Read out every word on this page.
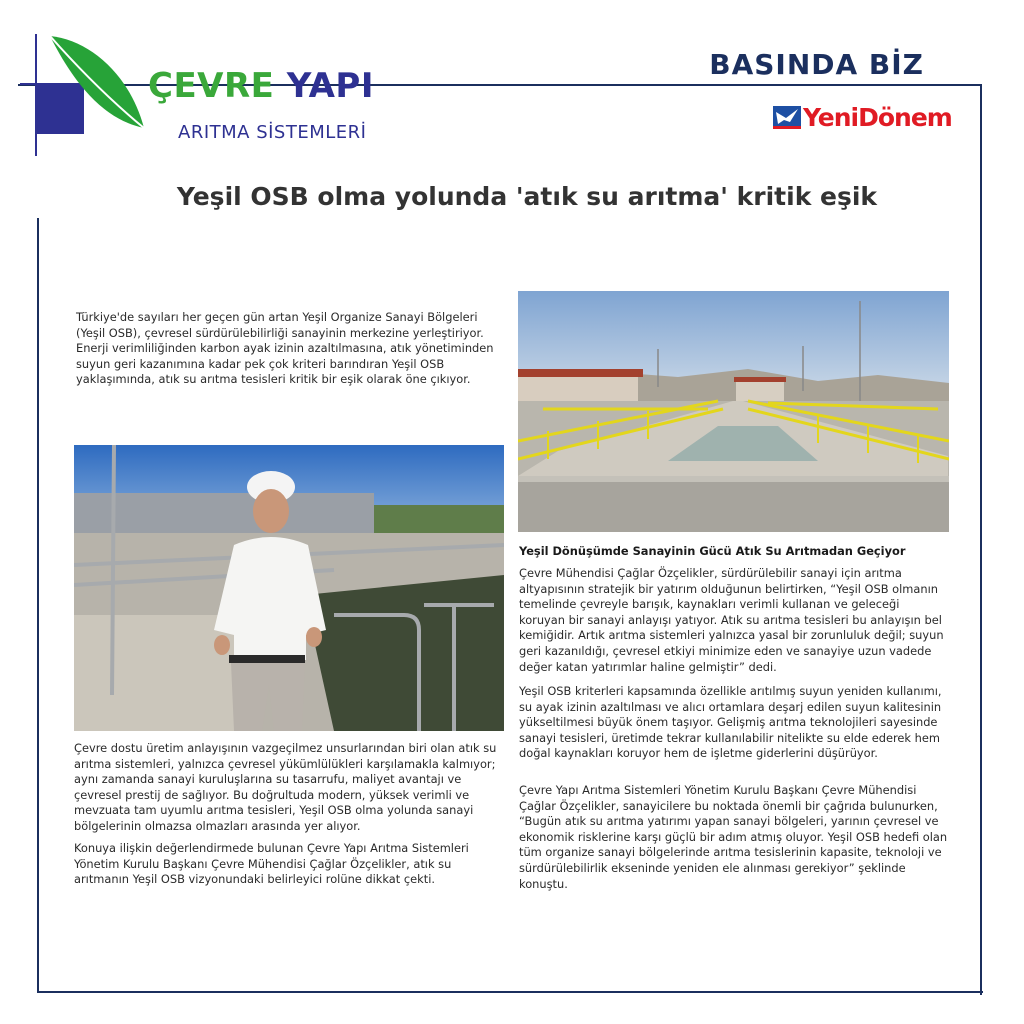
ÇEVRE YAPI
ARITMA SİSTEMLERİ
BASINDA BİZ
YeniDönem
Yeşil OSB olma yolunda 'atık su arıtma' kritik eşik

Türkiye'de sayıları her geçen gün artan Yeşil Organize Sanayi Bölgeleri (Yeşil OSB), çevresel sürdürülebilirliği sanayinin merkezine yerleştiriyor. Enerji verimliliğinden karbon ayak izinin azaltılmasına, atık yönetiminden suyun geri kazanımına kadar pek çok kriteri barındıran Yeşil OSB yaklaşımında, atık su arıtma tesisleri kritik bir eşik olarak öne çıkıyor.

Çevre dostu üretim anlayışının vazgeçilmez unsurlarından biri olan atık su arıtma sistemleri, yalnızca çevresel yükümlülükleri karşılamakla kalmıyor; aynı zamanda sanayi kuruluşlarına su tasarrufu, maliyet avantajı ve çevresel prestij de sağlıyor. Bu doğrultuda modern, yüksek verimli ve mevzuata tam uyumlu arıtma tesisleri, Yeşil OSB olma yolunda sanayi bölgelerinin olmazsa olmazları arasında yer alıyor.

Konuya ilişkin değerlendirmede bulunan Çevre Yapı Arıtma Sistemleri Yönetim Kurulu Başkanı Çevre Mühendisi Çağlar Özçelikler, atık su arıtmanın Yeşil OSB vizyonundaki belirleyici rolüne dikkat çekti.

Yeşil Dönüşümde Sanayinin Gücü Atık Su Arıtmadan Geçiyor

Çevre Mühendisi Çağlar Özçelikler, sürdürülebilir sanayi için arıtma altyapısının stratejik bir yatırım olduğunun belirtirken, “Yeşil OSB olmanın temelinde çevreyle barışık, kaynakları verimli kullanan ve geleceği koruyan bir sanayi anlayışı yatıyor. Atık su arıtma tesisleri bu anlayışın bel kemiğidir. Artık arıtma sistemleri yalnızca yasal bir zorunluluk değil; suyun geri kazanıldığı, çevresel etkiyi minimize eden ve sanayiye uzun vadede değer katan yatırımlar haline gelmiştir” dedi.

Yeşil OSB kriterleri kapsamında özellikle arıtılmış suyun yeniden kullanımı, su ayak izinin azaltılması ve alıcı ortamlara deşarj edilen suyun kalitesinin yükseltilmesi büyük önem taşıyor. Gelişmiş arıtma teknolojileri sayesinde sanayi tesisleri, üretimde tekrar kullanılabilir nitelikte su elde ederek hem doğal kaynakları koruyor hem de işletme giderlerini düşürüyor.

Çevre Yapı Arıtma Sistemleri Yönetim Kurulu Başkanı Çevre Mühendisi Çağlar Özçelikler, sanayicilere bu noktada önemli bir çağrıda bulunurken, “Bugün atık su arıtma yatırımı yapan sanayi bölgeleri, yarının çevresel ve ekonomik risklerine karşı güçlü bir adım atmış oluyor. Yeşil OSB hedefi olan tüm organize sanayi bölgelerinde arıtma tesislerinin kapasite, teknoloji ve sürdürülebilirlik ekseninde yeniden ele alınması gerekiyor” şeklinde konuştu.
